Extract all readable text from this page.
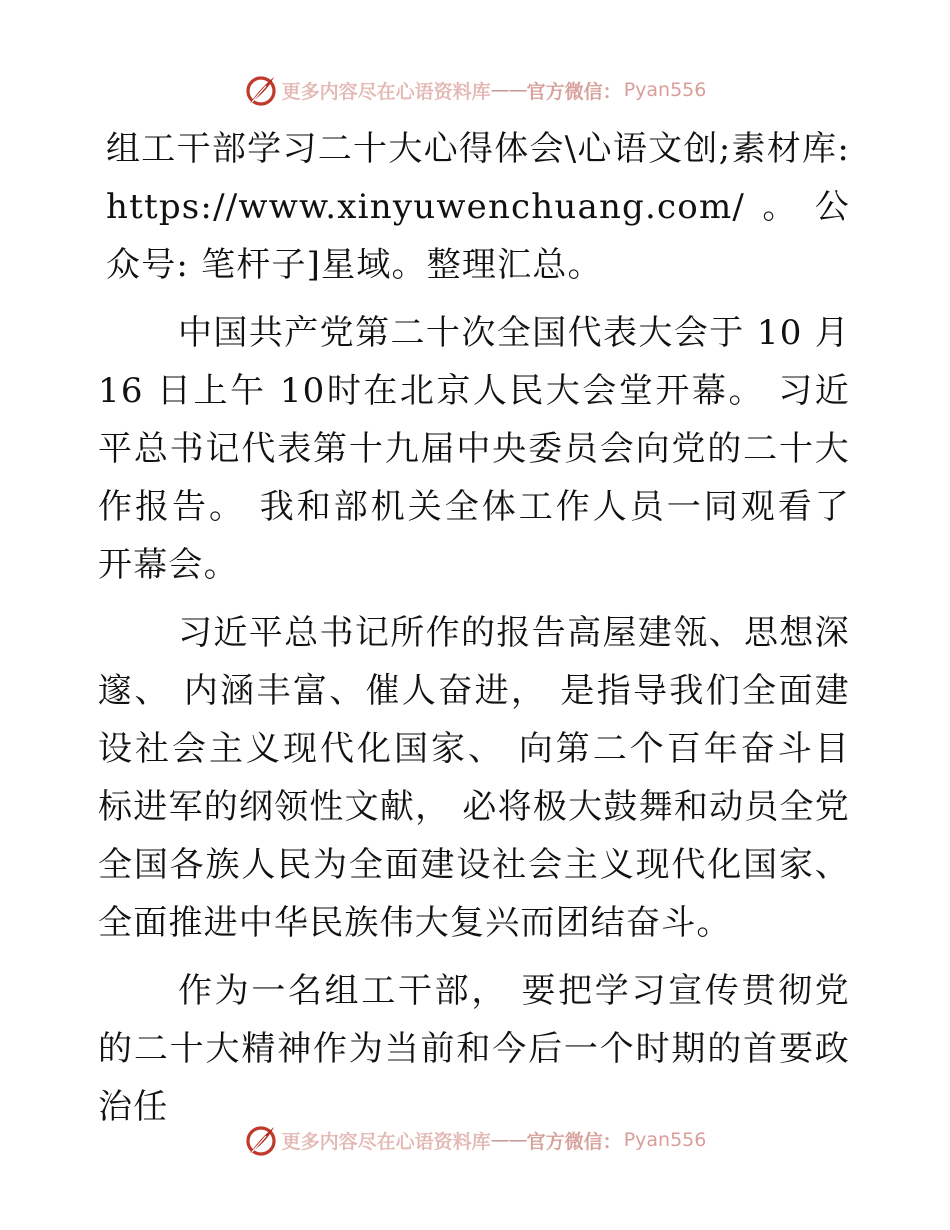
更多内容尽在心语资料库 —— 官方微信： Pyan556

组工干部学习二十大心得体会\心语文创;素材库: https://www.xinyuwenchuang.com/。公众号: 笔杆子]星域。整理汇总。

中国共产党第二十次全国代表大会于 10 月 16 日上午 10时在北京人民大会堂开幕。 习近平总书记代表第十九届中央委员会向党的二十大作报告。 我和部机关全体工作人员一同观看了 开幕会。

习近平总书记所作的报告高屋建瓴、思想深邃、 内涵丰富、催人奋进， 是指导我们全面建设社会主义现代化国家、 向第二个百年奋斗目 标进军的纲领性文献， 必将极大鼓舞和动员全党全国各族人民为全面建设社会主义现代化国家、 全面推进中华民族伟大复兴而团结奋斗。

作为一名组工干部， 要把学习宣传贯彻党的二十大精神作为当前和今后一个时期的首要政治任

更多内容尽在心语资料库 —— 官方微信： Pyan556
